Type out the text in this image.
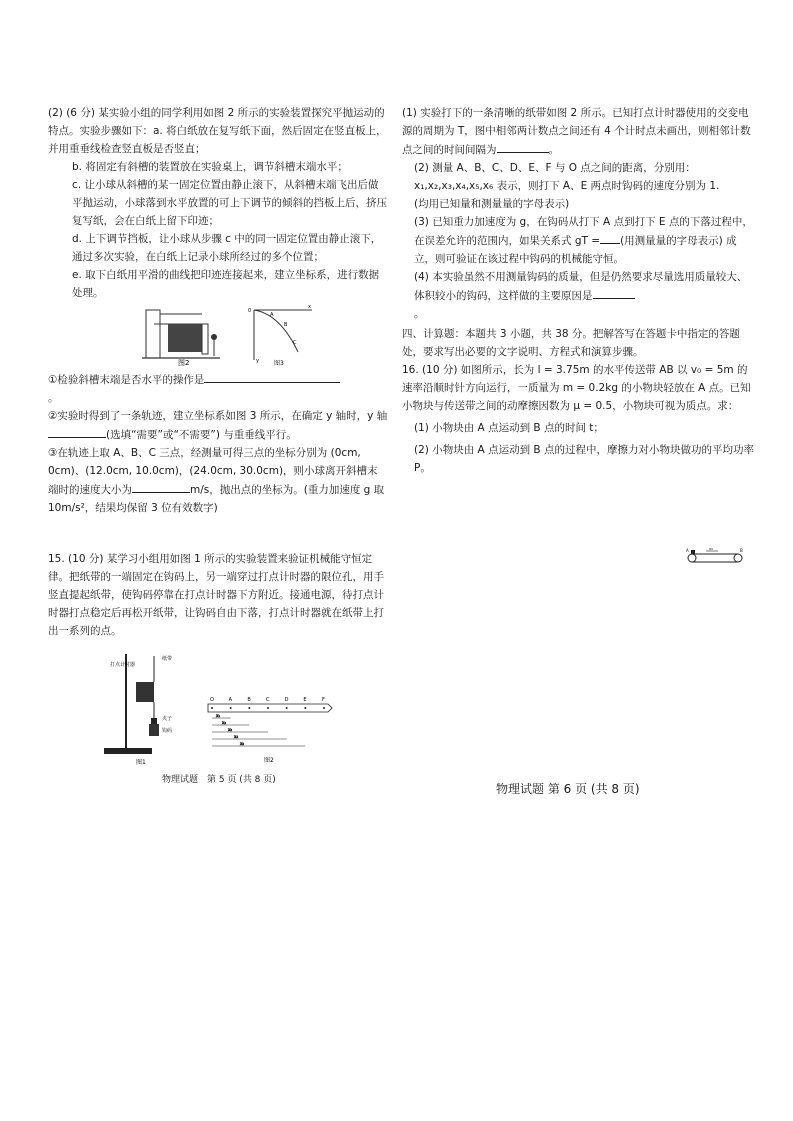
(2) (6 分) 某实验小组的同学利用如图 2 所示的实验装置探究平抛运动的特点。实验步骤如下：a. 将白纸放在复写纸下面，然后固定在竖直板上，并用重垂线检查竖直板是否竖直；

b. 将固定有斜槽的装置放在实验桌上，调节斜槽末端水平；

c. 让小球从斜槽的某一固定位置由静止滚下，从斜槽末端飞出后做平抛运动，小球落到水平放置的可上下调节的倾斜的挡板上后，挤压复写纸，会在白纸上留下印迹；

d. 上下调节挡板，让小球从步骤 c 中的同一固定位置由静止滚下，通过多次实验，在白纸上记录小球所经过的多个位置；

e. 取下白纸用平滑的曲线把印迹连接起来，建立坐标系，进行数据处理。

图2
0
x
y
A
B
C
图3

①检验斜槽末端是否水平的操作是
。

②实验时得到了一条轨迹，建立坐标系如图 3 所示，在确定 y 轴时，y 轴(选填“需要”或“不需要”) 与重垂线平行。

③在轨迹上取 A、B、C 三点，经测量可得三点的坐标分别为 (0cm, 0cm)、(12.0cm, 10.0cm)，(24.0cm, 30.0cm)，则小球离开斜槽末端时的速度大小为	m/s，抛出点的坐标为。(重力加速度 g 取 10m/s²，结果均保留 3 位有效数字)

15. (10 分) 某学习小组用如图 1 所示的实验装置来验证机械能守恒定律。把纸带的一端固定在钩码上，另一端穿过打点计时器的限位孔，用手竖直提起纸带，使钩码停靠在打点计时器下方附近。接通电源，待打点计时器打点稳定后再松开纸带，让钩码自由下落，打点计时器就在纸带上打出一系列的点。

打点计时器
纸带
夹子
钩码
图1
O	A	B	C	D	E	F
x₁
x₂
x₃
x₄
x₅
图2
物理试题　第 5 页 (共 8 页)

(1) 实验打下的一条清晰的纸带如图 2 所示。已知打点计时器使用的交变电源的周期为 T，图中相邻两计数点之间还有 4 个计时点未画出，则相邻计数点之间的时间间隔为	。

(2) 测量 A、B、C、D、E、F 与 O 点之间的距离，分别用：
x₁,x₂,x₃,x₄,x₅,x₆ 表示，则打下 A、E 两点时钩码的速度分别为 1.
(均用已知量和测量量的字母表示)

(3) 已知重力加速度为 g，在钩码从打下 A 点到打下 E 点的下落过程中，在误差允许的范围内，如果关系式 gT = (用测量量的字母表示) 成立，则可验证在该过程中钩码的机械能守恒。

(4) 本实验虽然不用测量钩码的质量，但是仍然要求尽量选用质量较大、体积较小的钩码，这样做的主要原因是
。

四、计算题：本题共 3 小题，共 38 分。把解答写在答题卡中指定的答题处，要求写出必要的文字说明、方程式和演算步骤。

16. (10 分) 如图所示，长为 l = 3.75m 的水平传送带 AB 以 v₀ = 5m 的速率沿顺时针方向运行，一质量为 m = 0.2kg 的小物块轻放在 A 点。已知小物块与传送带之间的动摩擦因数为 μ = 0.5，小物块可视为质点。求：

(1) 小物块由 A 点运动到 B 点的时间 t；

(2) 小物块由 A 点运动到 B 点的过程中，摩擦力对小物块做功的平均功率 P。

v₀
A	B
物理试题 第 6 页 (共 8 页)
